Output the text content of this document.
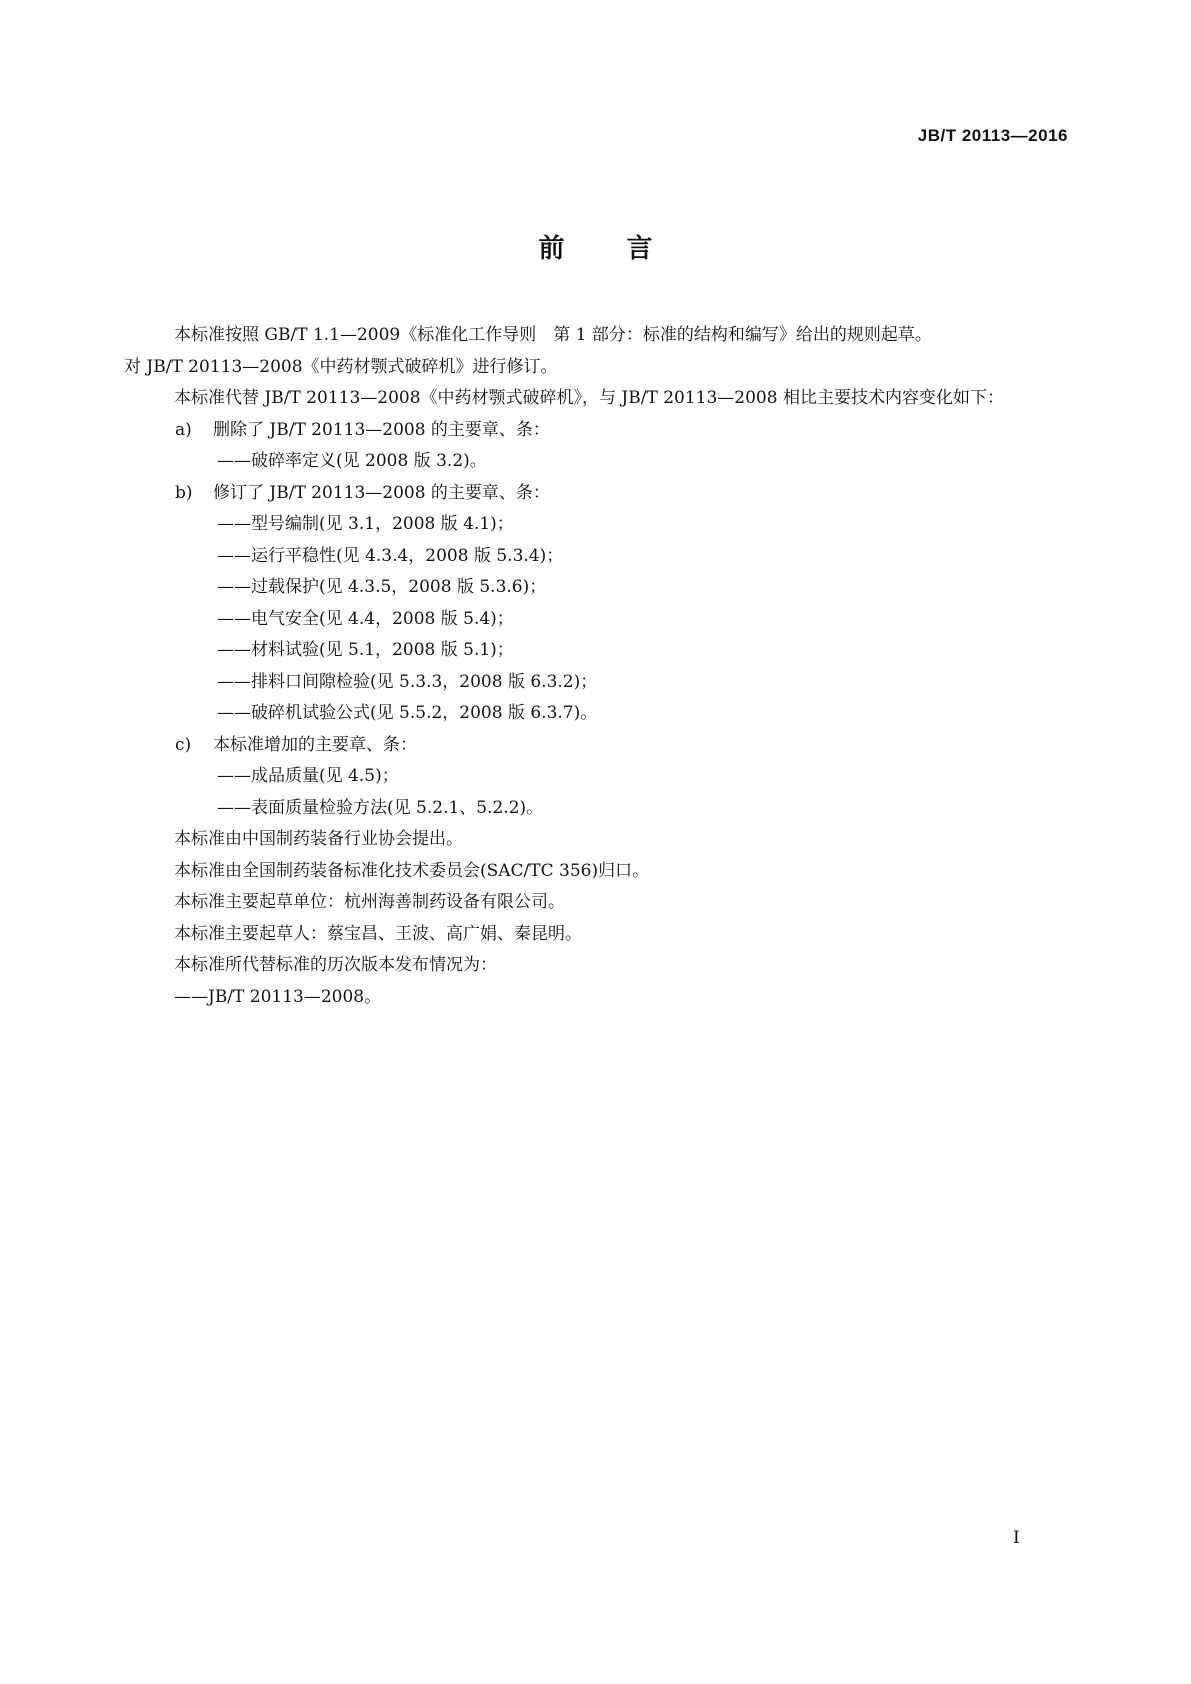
JB/T 20113—2016
前 言

本标准按照 GB/T 1.1—2009《标准化工作导则　第 1 部分：标准的结构和编写》给出的规则起草。

对 JB/T 20113—2008《中药材颚式破碎机》进行修订。

本标准代替 JB/T 20113—2008《中药材颚式破碎机》，与 JB/T 20113—2008 相比主要技术内容变化如下：

a) 删除了 JB/T 20113—2008 的主要章、条：

——破碎率定义(见 2008 版 3.2)。

b) 修订了 JB/T 20113—2008 的主要章、条：

——型号编制(见 3.1，2008 版 4.1)；

——运行平稳性(见 4.3.4，2008 版 5.3.4)；

——过载保护(见 4.3.5，2008 版 5.3.6)；

——电气安全(见 4.4，2008 版 5.4)；

——材料试验(见 5.1，2008 版 5.1)；

——排料口间隙检验(见 5.3.3，2008 版 6.3.2)；

——破碎机试验公式(见 5.5.2，2008 版 6.3.7)。

c) 本标准增加的主要章、条：

——成品质量(见 4.5)；

——表面质量检验方法(见 5.2.1、5.2.2)。

本标准由中国制药装备行业协会提出。

本标准由全国制药装备标准化技术委员会(SAC/TC 356)归口。

本标准主要起草单位：杭州海善制药设备有限公司。

本标准主要起草人：蔡宝昌、王波、高广娟、秦昆明。

本标准所代替标准的历次版本发布情况为：

——JB/T 20113—2008。

I
